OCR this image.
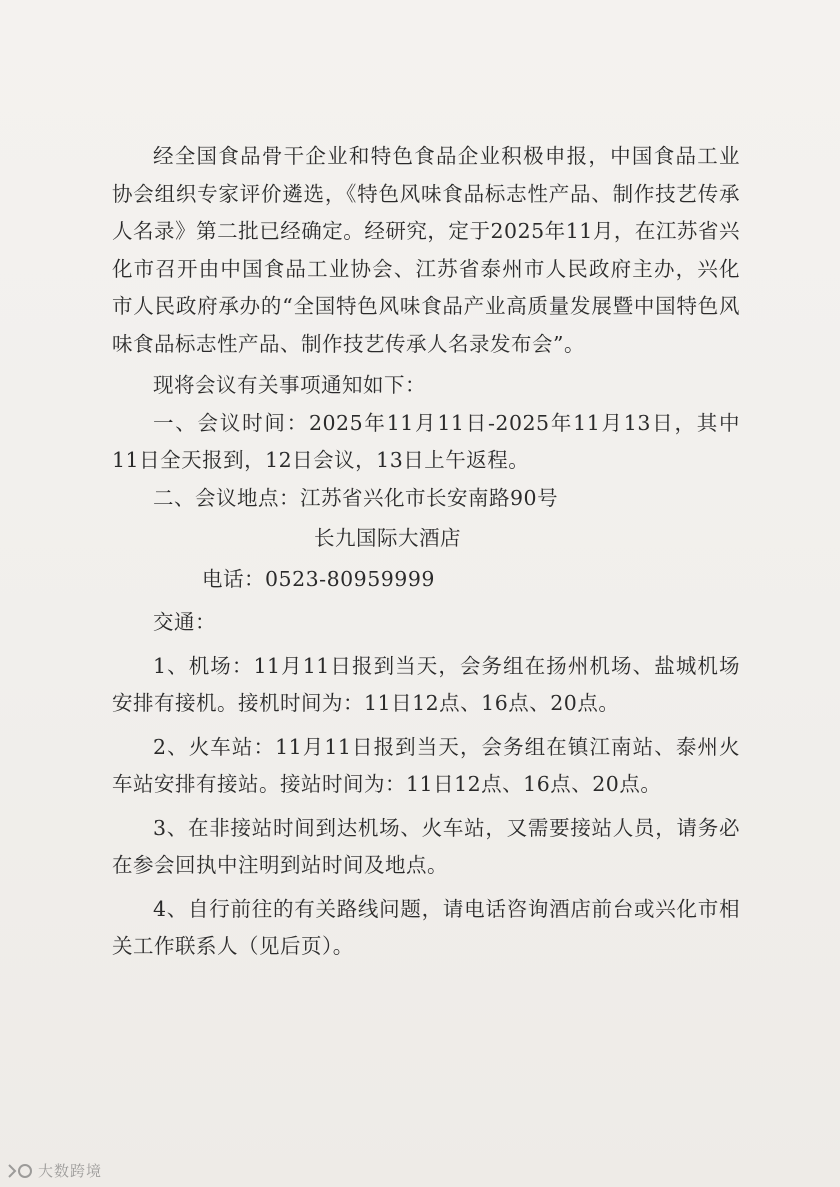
经全国食品骨干企业和特色食品企业积极申报，中国食品工业协会组织专家评价遴选，《特色风味食品标志性产品、制作技艺传承人名录》第二批已经确定。经研究，定于2025年11月，在江苏省兴化市召开由中国食品工业协会、江苏省泰州市人民政府主办，兴化市人民政府承办的“全国特色风味食品产业高质量发展暨中国特色风味食品标志性产品、制作技艺传承人名录发布会”。

现将会议有关事项通知如下：

一、会议时间：2025年11月11日-2025年11月13日，其中11日全天报到，12日会议，13日上午返程。

二、会议地点：江苏省兴化市长安南路90号

长九国际大酒店

电话：0523-80959999

交通：

1、机场：11月11日报到当天，会务组在扬州机场、盐城机场安排有接机。接机时间为：11日12点、16点、20点。

2、火车站：11月11日报到当天，会务组在镇江南站、泰州火车站安排有接站。接站时间为：11日12点、16点、20点。

3、在非接站时间到达机场、火车站，又需要接站人员，请务必在参会回执中注明到站时间及地点。

4、自行前往的有关路线问题，请电话咨询酒店前台或兴化市相关工作联系人（见后页）。

大数跨境
